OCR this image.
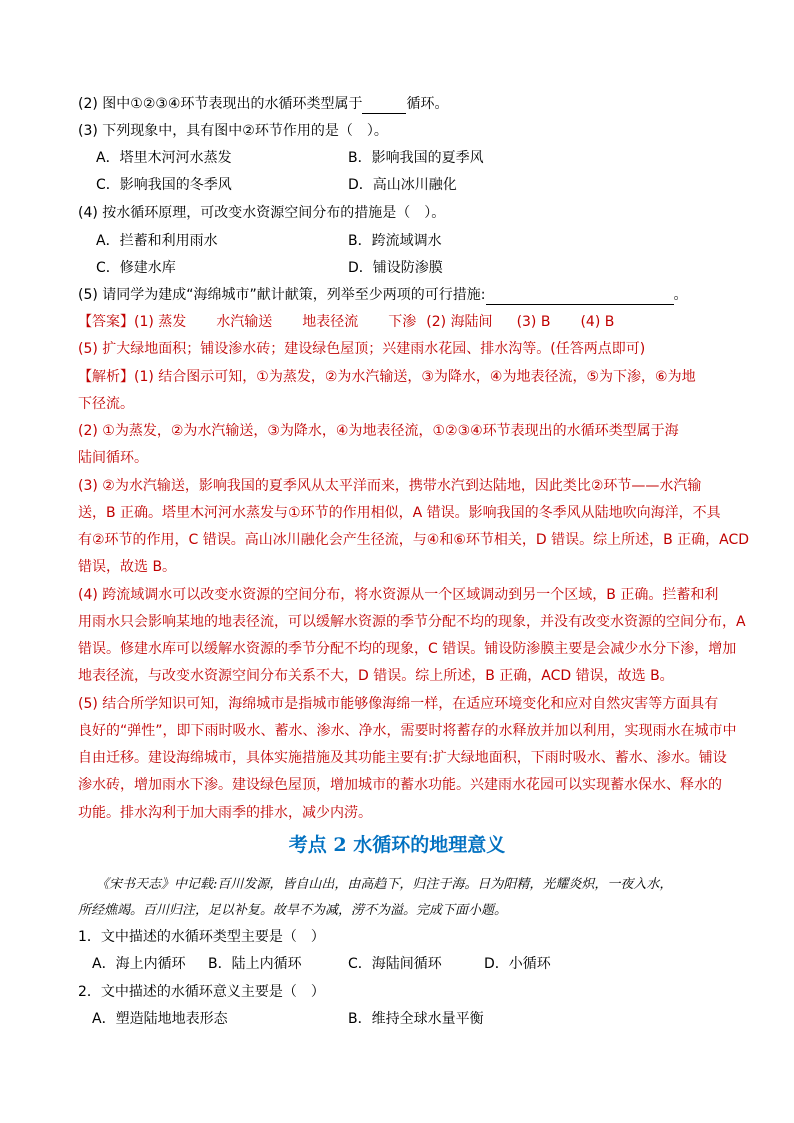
(2) 图中①②③④环节表现出的水循环类型属于	循环。
(3) 下列现象中，具有图中②环节作用的是（　）。
A．塔里木河河水蒸发	B．影响我国的夏季风
C．影响我国的冬季风	D．高山冰川融化
(4) 按水循环原理，可改变水资源空间分布的措施是（　）。
A．拦蓄和利用雨水	B．跨流域调水
C．修建水库	D．铺设防渗膜
(5) 请同学为建成“海绵城市”献计献策，列举至少两项的可行措施:	。
【答案】(1) 蒸发 水汽输送 地表径流 下渗 (2) 海陆间 (3) B (4) B
(5) 扩大绿地面积；铺设渗水砖；建设绿色屋顶；兴建雨水花园、排水沟等。(任答两点即可)
【解析】(1) 结合图示可知，①为蒸发，②为水汽输送，③为降水，④为地表径流，⑤为下渗，⑥为地
下径流。
(2) ①为蒸发，②为水汽输送，③为降水，④为地表径流，①②③④环节表现出的水循环类型属于海
陆间循环。
(3) ②为水汽输送，影响我国的夏季风从太平洋而来，携带水汽到达陆地，因此类比②环节——水汽输
送，B 正确。塔里木河河水蒸发与①环节的作用相似，A 错误。影响我国的冬季风从陆地吹向海洋，不具
有②环节的作用，C 错误。高山冰川融化会产生径流，与④和⑥环节相关，D 错误。综上所述，B 正确，ACD
错误，故选 B。
(4) 跨流域调水可以改变水资源的空间分布，将水资源从一个区域调动到另一个区域，B 正确。拦蓄和利
用雨水只会影响某地的地表径流，可以缓解水资源的季节分配不均的现象，并没有改变水资源的空间分布，A
错误。修建水库可以缓解水资源的季节分配不均的现象，C 错误。铺设防渗膜主要是会减少水分下渗，增加
地表径流，与改变水资源空间分布关系不大，D 错误。综上所述，B 正确，ACD 错误，故选 B。
(5) 结合所学知识可知，海绵城市是指城市能够像海绵一样，在适应环境变化和应对自然灾害等方面具有
良好的“弹性”，即下雨时吸水、蓄水、渗水、净水，需要时将蓄存的水释放并加以利用，实现雨水在城市中
自由迁移。建设海绵城市，具体实施措施及其功能主要有:扩大绿地面积，下雨时吸水、蓄水、渗水。铺设
渗水砖，增加雨水下渗。建设绿色屋顶，增加城市的蓄水功能。兴建雨水花园可以实现蓄水保水、释水的
功能。排水沟利于加大雨季的排水，减少内涝。
考点 2 水循环的地理意义
《宋书天志》中记载:百川发源，皆自山出，由高趋下，归注于海。日为阳精，光耀炎炽，一夜入水，
所经燋竭。百川归注，足以补复。故旱不为减，涝不为溢。完成下面小题。
1．文中描述的水循环类型主要是（　）
A．海上内循环 B．陆上内循环	C．海陆间循环	D．小循环
2．文中描述的水循环意义主要是（　）
A．塑造陆地地表形态	B．维持全球水量平衡
